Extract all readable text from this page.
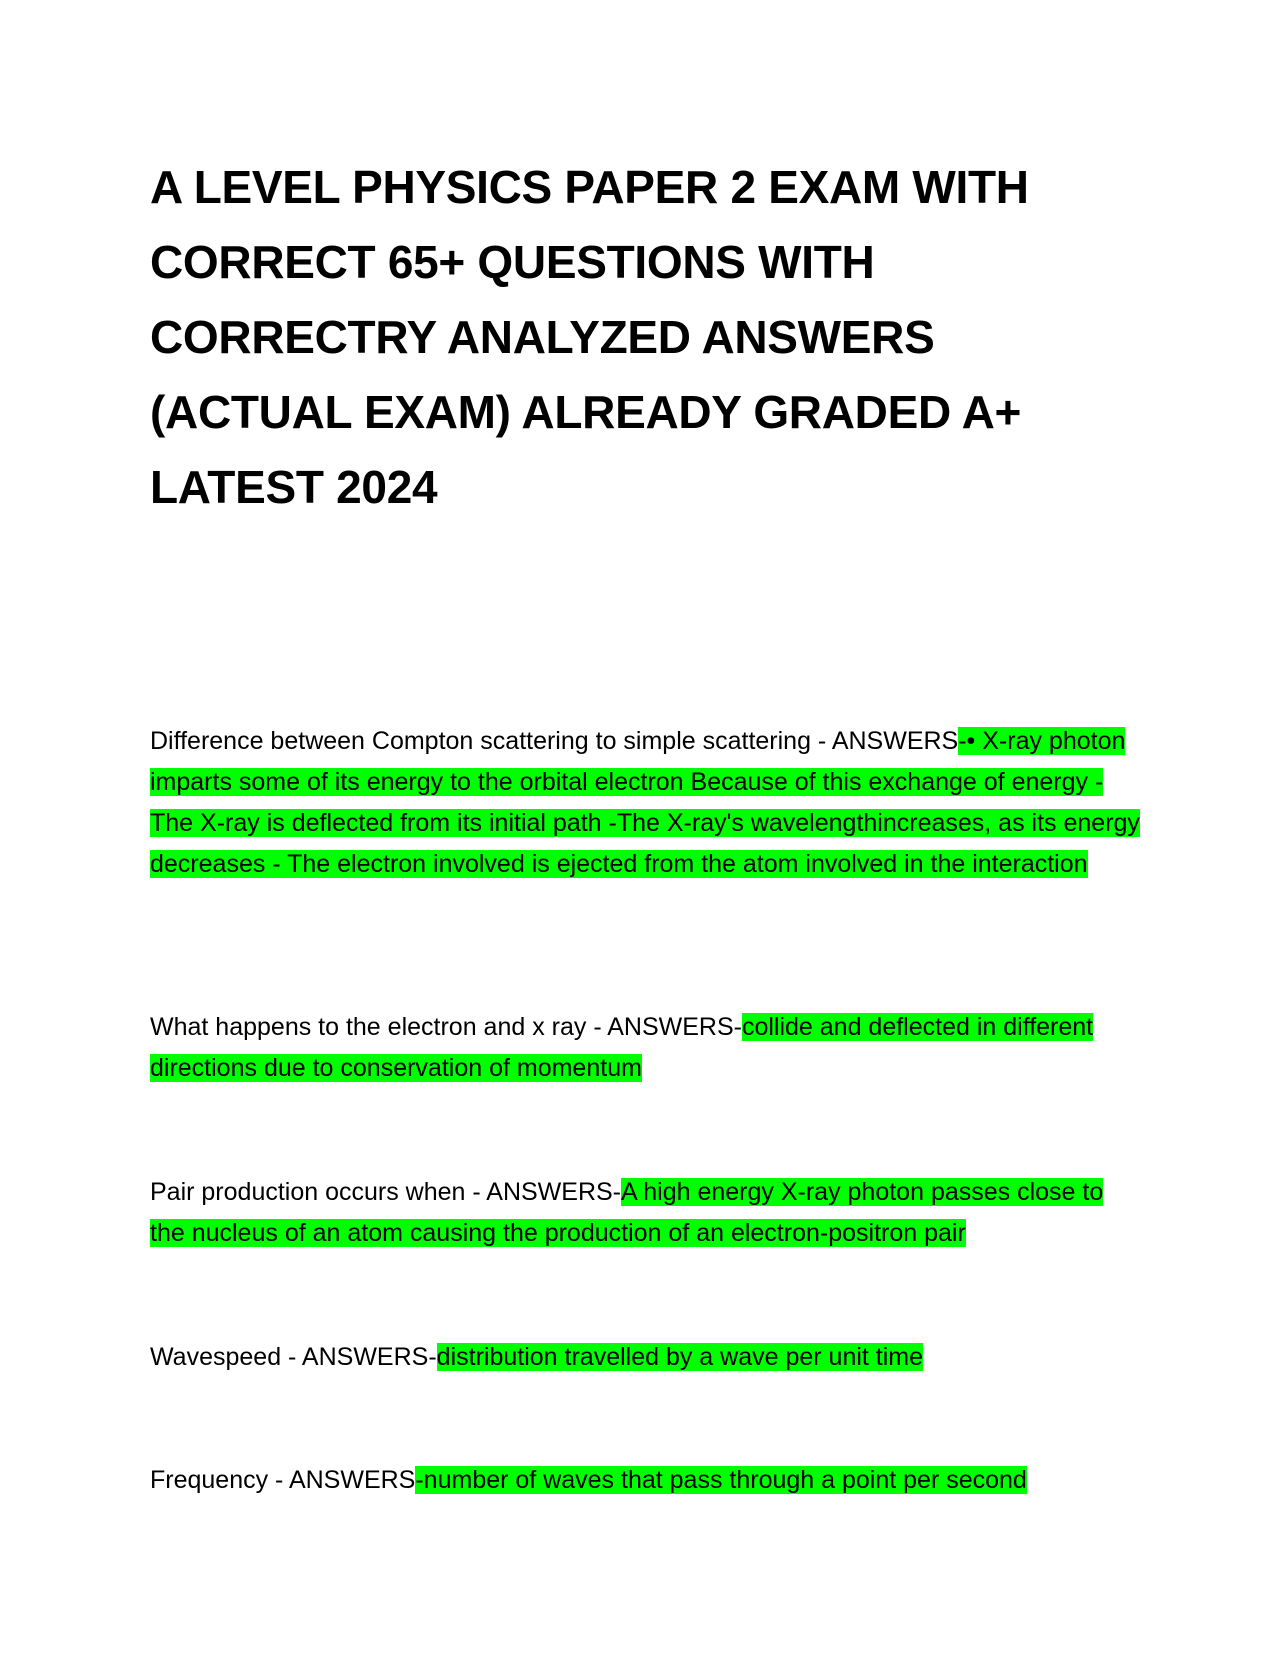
A LEVEL PHYSICS PAPER 2 EXAM WITH CORRECT 65+ QUESTIONS WITH CORRECTRY ANALYZED ANSWERS (ACTUAL EXAM) ALREADY GRADED A+ LATEST 2024

Difference between Compton scattering to simple scattering - ANSWERS-• X-ray photon imparts some of its energy to the orbital electron Because of this exchange of energy -The X-ray is deflected from its initial path -The X-ray's wavelengthincreases, as its energy decreases - The electron involved is ejected from the atom involved in the interaction

What happens to the electron and x ray - ANSWERS-collide and deflected in different directions due to conservation of momentum

Pair production occurs when - ANSWERS-A high energy X-ray photon passes close to the nucleus of an atom causing the production of an electron-positron pair

Wavespeed - ANSWERS-distribution travelled by a wave per unit time

Frequency - ANSWERS-number of waves that pass through a point per second
